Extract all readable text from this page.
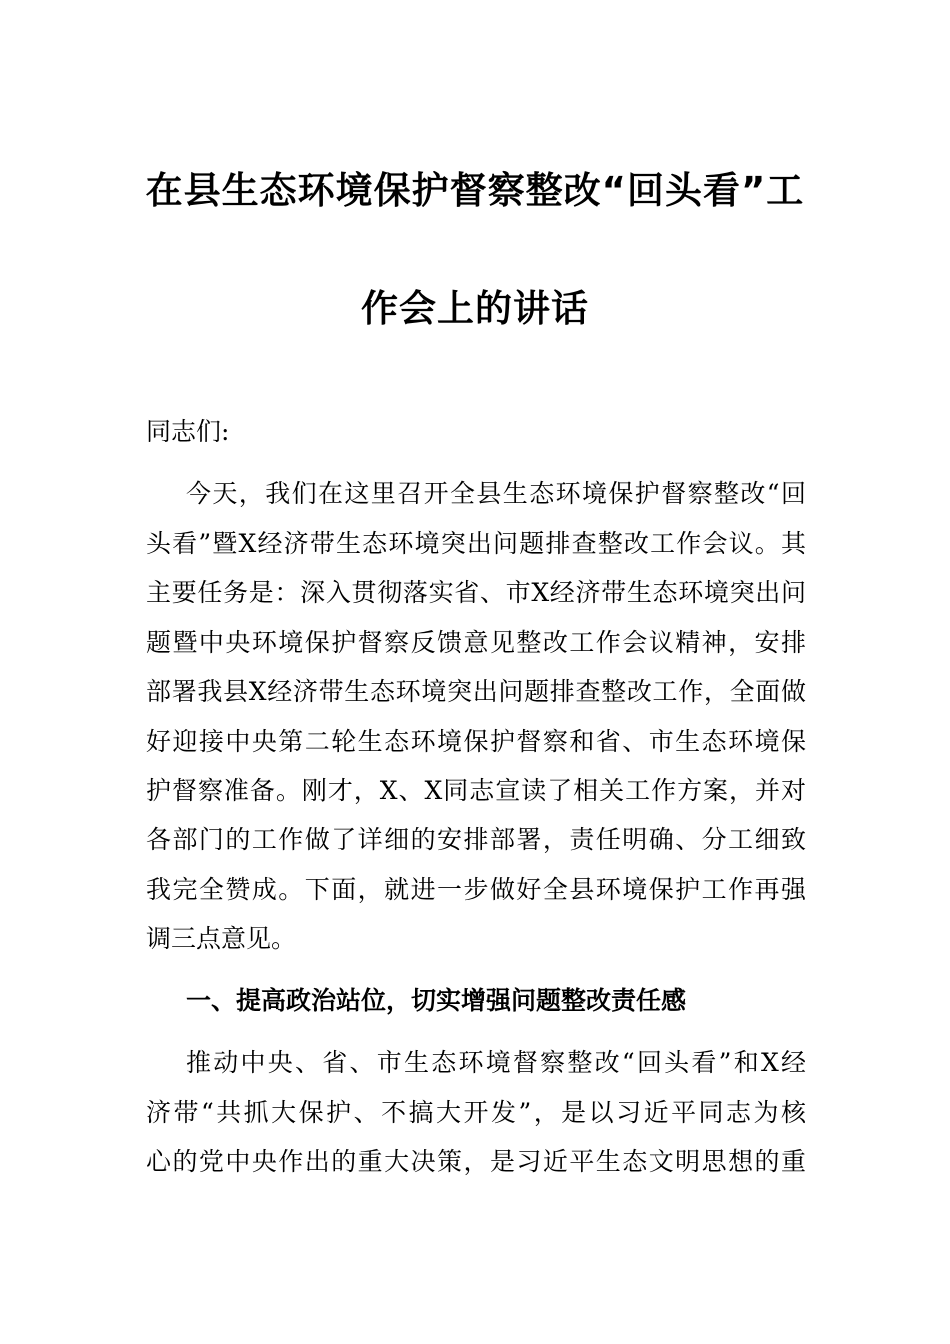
在县生态环境保护督察整改“回头看”工
作会上的讲话
同志们:
今天，我们在这里召开全县生态环境保护督察整改“回
头看”暨X经济带生态环境突出问题排查整改工作会议。其
主要任务是：深入贯彻落实省、市X经济带生态环境突出问
题暨中央环境保护督察反馈意见整改工作会议精神，安排
部署我县X经济带生态环境突出问题排查整改工作，全面做
好迎接中央第二轮生态环境保护督察和省、市生态环境保
护督察准备。刚才，X、X同志宣读了相关工作方案，并对
各部门的工作做了详细的安排部署，责任明确、分工细致
我完全赞成。下面，就进一步做好全县环境保护工作再强
调三点意见。
一、提高政治站位，切实增强问题整改责任感
推动中央、省、市生态环境督察整改“回头看”和X经
济带“共抓大保护、不搞大开发”，是以习近平同志为核
心的党中央作出的重大决策，是习近平生态文明思想的重
